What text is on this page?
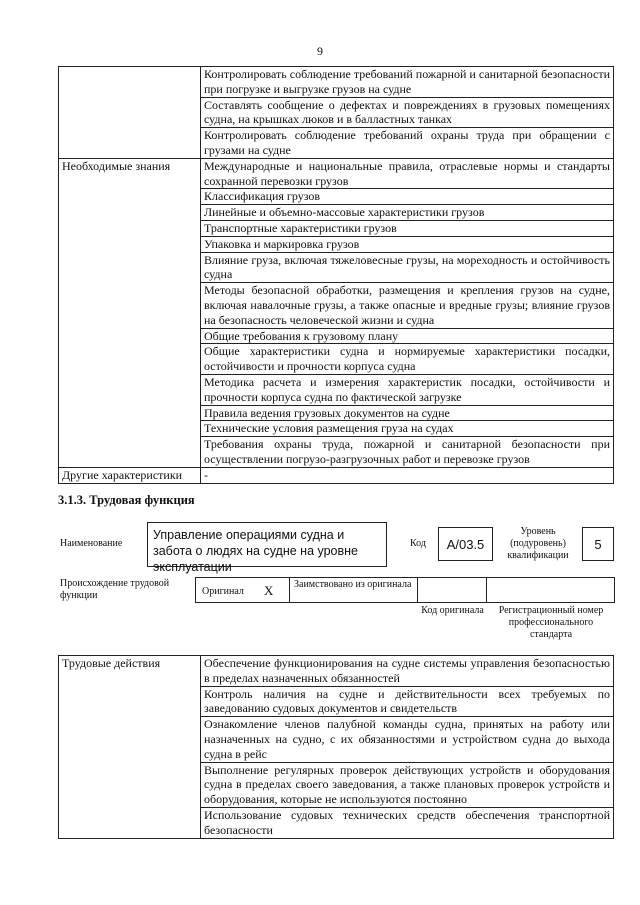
9
	Контролировать соблюдение требований пожарной и санитарной безопасности при погрузке и выгрузке грузов на судне
	Составлять сообщение о дефектах и повреждениях в грузовых помещениях судна, на крышках люков и в балластных танках
	Контролировать соблюдение требований охраны труда при обращении с грузами на судне
Необходимые знания	Международные и национальные правила, отраслевые нормы и стандарты сохранной перевозки грузов
	Классификация грузов
	Линейные и объемно-массовые характеристики грузов
	Транспортные характеристики грузов
	Упаковка и маркировка грузов
	Влияние груза, включая тяжеловесные грузы, на мореходность и остойчивость судна
	Методы безопасной обработки, размещения и крепления грузов на судне, включая навалочные грузы, а также опасные и вредные грузы; влияние грузов на безопасность человеческой жизни и судна
	Общие требования к грузовому плану
	Общие характеристики судна и нормируемые характеристики посадки, остойчивости и прочности корпуса судна
	Методика расчета и измерения характеристик посадки, остойчивости и прочности корпуса судна по фактической загрузке
	Правила ведения грузовых документов на судне
	Технические условия размещения груза на судах
	Требования охраны труда, пожарной и санитарной безопасности при осуществлении погрузо-разгрузочных работ и перевозке грузов
Другие характеристики	-
3.1.3. Трудовая функция
Наименование
Управление операциями судна и забота о людях на судне на уровне эксплуатации
Код	A/03.5
Уровень (подуровень) квалификации
5
Происхождение трудовой функции	Оригинал X	Заимствовано из оригинала
Код оригинала	Регистрационный номер профессионального стандарта
Трудовые действия	Обеспечение функционирования на судне системы управления безопасностью в пределах назначенных обязанностей
Контроль наличия на судне и действительности всех требуемых по заведованию судовых документов и свидетельств
Ознакомление членов палубной команды судна, принятых на работу или назначенных на судно, с их обязанностями и устройством судна до выхода судна в рейс
Выполнение регулярных проверок действующих устройств и оборудования судна в пределах своего заведования, а также плановых проверок устройств и оборудования, которые не используются постоянно
Использование судовых технических средств обеспечения транспортной безопасности
